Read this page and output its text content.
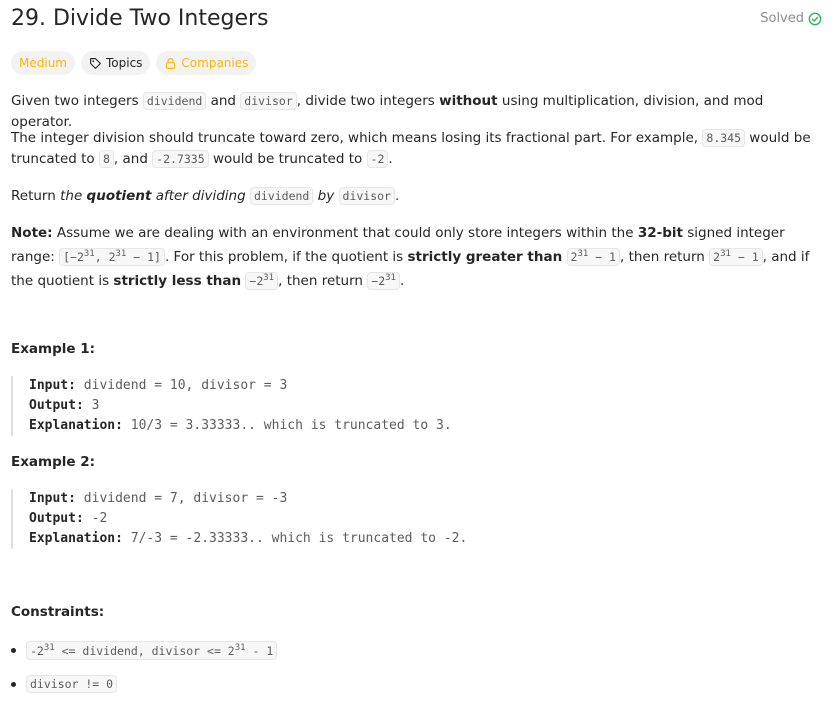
29. Divide Two Integers	Solved
Medium	Topics	Companies
Given two integers dividend and divisor , divide two integers without using multiplication, division, and mod operator.
The integer division should truncate toward zero, which means losing its fractional part. For example, 8.345 would be truncated to 8 , and -2.7335 would be truncated to -2 .
Return the quotient after dividing dividend by divisor .
Note: Assume we are dealing with an environment that could only store integers within the 32-bit signed integer range: [$-2^{31}$, $2^{31} - 1$] . For this problem, if the quotient is strictly greater than $2^{31} - 1$ , then return $2^{31} - 1$ , and if the quotient is strictly less than $-2^{31}$ , then return $-2^{31}$ .
Example 1:
Input: dividend = 10, divisor = 3
Output: 3
Explanation: 10/3 = 3.33333.. which is truncated to 3.
Example 2:
Input: dividend = 7, divisor = -3
Output: -2
Explanation: 7/-3 = -2.33333.. which is truncated to -2.
Constraints:
$-2^{31}$ <= dividend, divisor <= $2^{31} - 1$
divisor != 0
